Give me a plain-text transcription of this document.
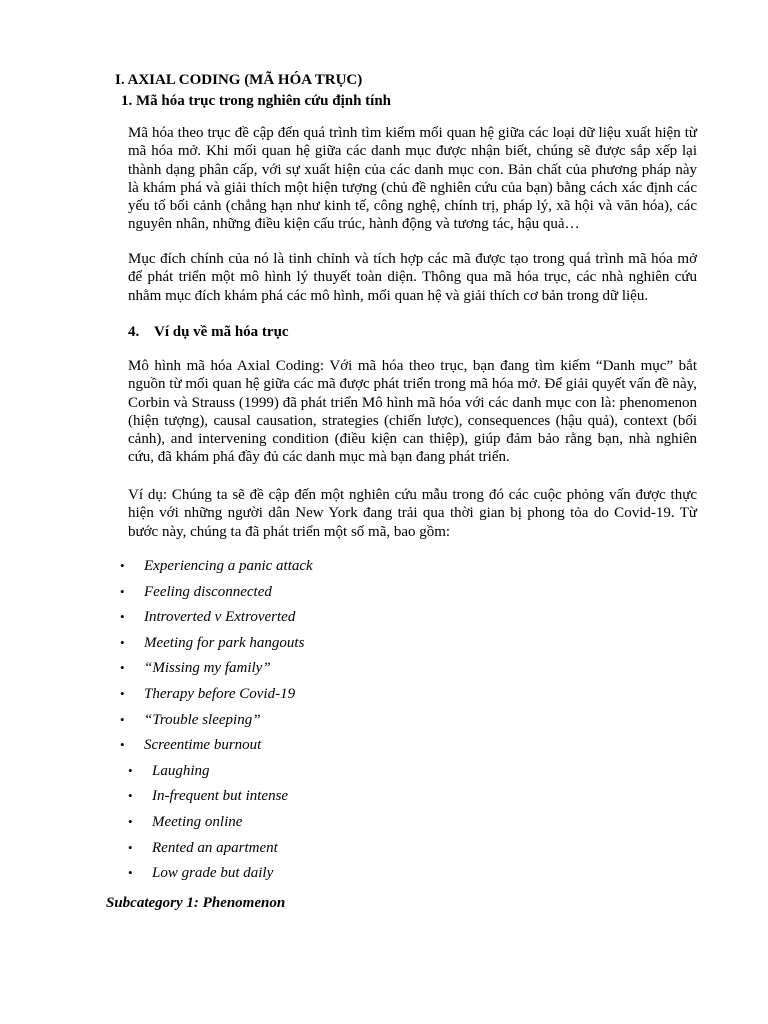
I. AXIAL CODING (MÃ HÓA TRỤC)
1. Mã hóa trục trong nghiên cứu định tính
Mã hóa theo trục đề cập đến quá trình tìm kiếm mối quan hệ giữa các loại dữ liệu xuất hiện từ mã hóa mở. Khi mối quan hệ giữa các danh mục được nhận biết, chúng sẽ được sắp xếp lại thành dạng phân cấp, với sự xuất hiện của các danh mục con. Bản chất của phương pháp này là khám phá và giải thích một hiện tượng (chủ đề nghiên cứu của bạn) bằng cách xác định các yếu tố bối cảnh (chẳng hạn như kinh tế, công nghệ, chính trị, pháp lý, xã hội và văn hóa), các nguyên nhân, những điều kiện cấu trúc, hành động và tương tác, hậu quả…
Mục đích chính của nó là tinh chỉnh và tích hợp các mã được tạo trong quá trình mã hóa mở để phát triển một mô hình lý thuyết toàn diện. Thông qua mã hóa trục, các nhà nghiên cứu nhằm mục đích khám phá các mô hình, mối quan hệ và giải thích cơ bản trong dữ liệu.
4. Ví dụ về mã hóa trục
Mô hình mã hóa Axial Coding: Với mã hóa theo trục, bạn đang tìm kiếm “Danh mục” bắt nguồn từ mối quan hệ giữa các mã được phát triển trong mã hóa mở. Để giải quyết vấn đề này, Corbin và Strauss (1999) đã phát triển Mô hình mã hóa với các danh mục con là: phenomenon (hiện tượng), causal causation, strategies (chiến lược), consequences (hậu quả), context (bối cảnh), and intervening condition (điều kiện can thiệp), giúp đảm bảo rằng bạn, nhà nghiên cứu, đã khám phá đầy đủ các danh mục mà bạn đang phát triển.
Ví dụ: Chúng ta sẽ đề cập đến một nghiên cứu mẫu trong đó các cuộc phỏng vấn được thực hiện với những người dân New York đang trải qua thời gian bị phong tỏa do Covid-19. Từ bước này, chúng ta đã phát triển một số mã, bao gồm:
• Experiencing a panic attack
• Feeling disconnected
• Introverted v Extroverted
• Meeting for park hangouts
• “Missing my family”
• Therapy before Covid-19
• “Trouble sleeping”
• Screentime burnout
• Laughing
• In-frequent but intense
• Meeting online
• Rented an apartment
• Low grade but daily
Subcategory 1: Phenomenon
